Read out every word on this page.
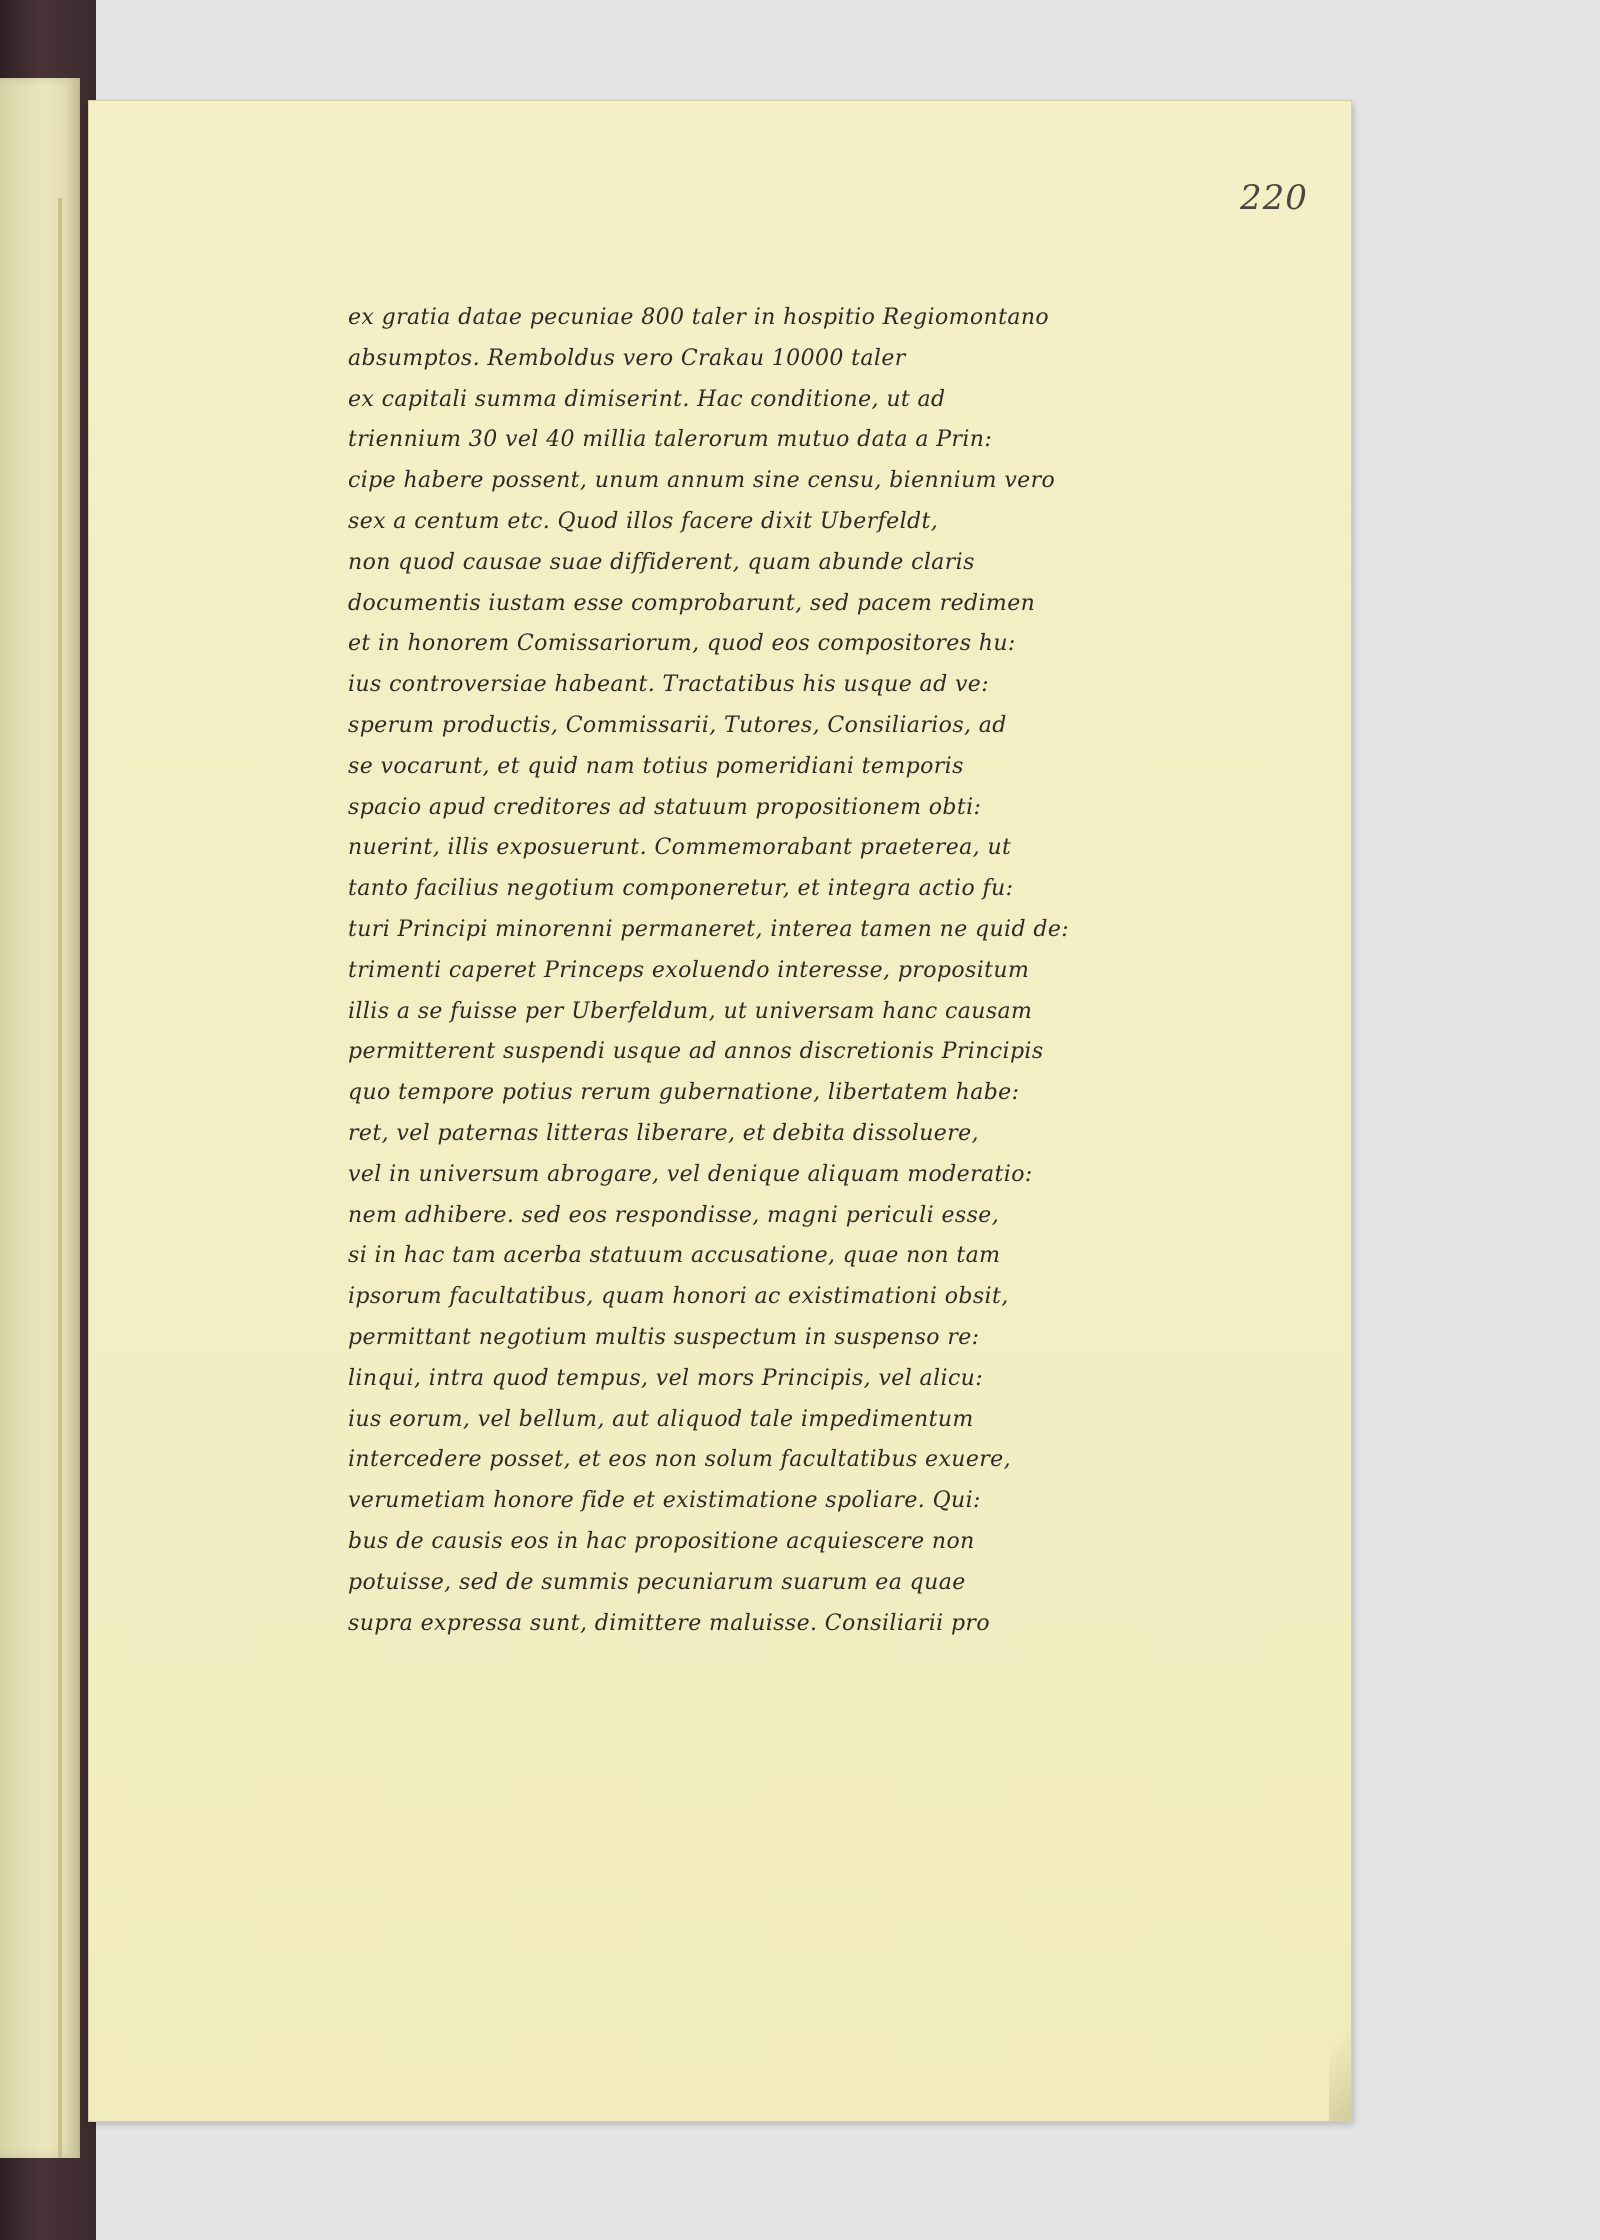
220
ex gratia datae pecuniae 800 taler in hospitio Regiomontano
absumptos. Remboldus vero Crakau 10000 taler
ex capitali summa dimiserint. Hac conditione, ut ad
triennium 30 vel 40 millia talerorum mutuo data a Prin:
cipe habere possent, unum annum sine censu, biennium vero
sex a centum etc. Quod illos facere dixit Uberfeldt,
non quod causae suae diffiderent, quam abunde claris
documentis iustam esse comprobarunt, sed pacem redimen
et in honorem Comissariorum, quod eos compositores hu:
ius controversiae habeant. Tractatibus his usque ad ve:
sperum productis, Commissarii, Tutores, Consiliarios, ad
se vocarunt, et quid nam totius pomeridiani temporis
spacio apud creditores ad statuum propositionem obti:
nuerint, illis exposuerunt. Commemorabant praeterea, ut
tanto facilius negotium componeretur, et integra actio fu:
turi Principi minorenni permaneret, interea tamen ne quid de:
trimenti caperet Princeps exoluendo interesse, propositum
illis a se fuisse per Uberfeldum, ut universam hanc causam
permitterent suspendi usque ad annos discretionis Principis
quo tempore potius rerum gubernatione, libertatem habe:
ret, vel paternas litteras liberare, et debita dissoluere,
vel in universum abrogare, vel denique aliquam moderatio:
nem adhibere. sed eos respondisse, magni periculi esse,
si in hac tam acerba statuum accusatione, quae non tam
ipsorum facultatibus, quam honori ac existimationi obsit,
permittant negotium multis suspectum in suspenso re:
linqui, intra quod tempus, vel mors Principis, vel alicu:
ius eorum, vel bellum, aut aliquod tale impedimentum
intercedere posset, et eos non solum facultatibus exuere,
verumetiam honore fide et existimatione spoliare. Qui:
bus de causis eos in hac propositione acquiescere non
potuisse, sed de summis pecuniarum suarum ea quae
supra expressa sunt, dimittere maluisse. Consiliarii pro
